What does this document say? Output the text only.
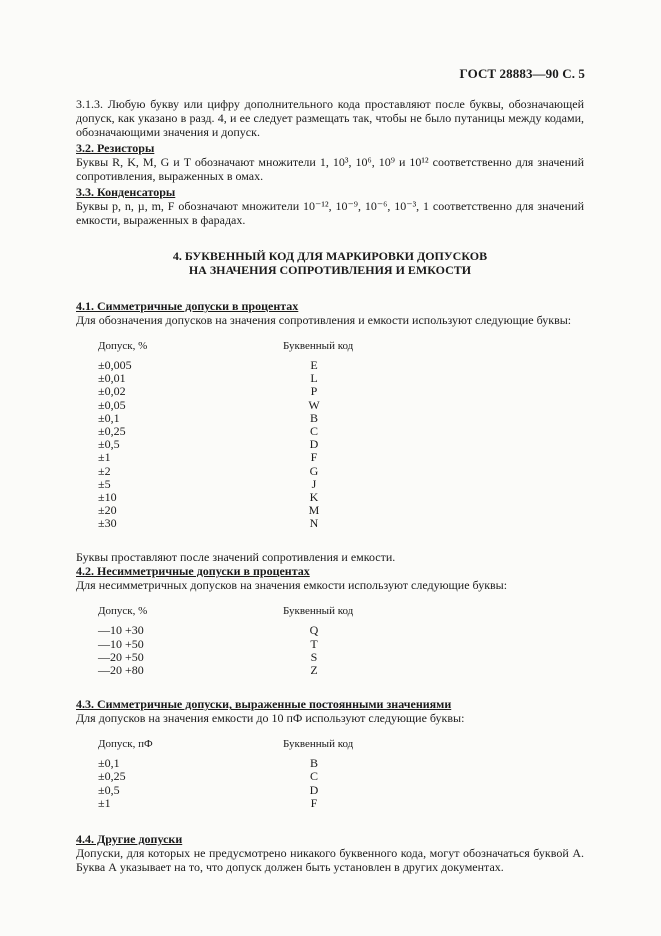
ГОСТ 28883—90 С. 5

3.1.3. Любую букву или цифру дополнительного кода проставляют после буквы, обозначающей допуск, как указано в разд. 4, и ее следует размещать так, чтобы не было путаницы между кодами, обозначающими значения и допуск.

3.2. Резисторы

Буквы R, K, M, G и T обозначают множители 1, 10³, 10⁶, 10⁹ и 10¹² соответственно для значений сопротивления, выраженных в омах.

3.3. Конденсаторы

Буквы p, n, µ, m, F обозначают множители 10⁻¹², 10⁻⁹, 10⁻⁶, 10⁻³, 1 соответственно для значений емкости, выраженных в фарадах.

4. БУКВЕННЫЙ КОД ДЛЯ МАРКИРОВКИ ДОПУСКОВ
НА ЗНАЧЕНИЯ СОПРОТИВЛЕНИЯ И ЕМКОСТИ
4.1. Симметричные допуски в процентах

Для обозначения допусков на значения сопротивления и емкости используют следующие буквы:

Допуск, %	Буквенный код
±0,005	E
±0,01	L
±0,02	P
±0,05	W
±0,1	B
±0,25	C
±0,5	D
±1	F
±2	G
±5	J
±10	K
±20	M
±30	N

Буквы проставляют после значений сопротивления и емкости.

4.2. Несимметричные допуски в процентах

Для несимметричных допусков на значения емкости используют следующие буквы:

Допуск, %	Буквенный код
—10 +30	Q
—10 +50	T
—20 +50	S
—20 +80	Z
4.3. Симметричные допуски, выраженные постоянными значениями

Для допусков на значения емкости до 10 пФ используют следующие буквы:

Допуск, пФ	Буквенный код
±0,1	B
±0,25	C
±0,5	D
±1	F
4.4. Другие допуски

Допуски, для которых не предусмотрено никакого буквенного кода, могут обозначаться буквой А. Буква А указывает на то, что допуск должен быть установлен в других документах.
